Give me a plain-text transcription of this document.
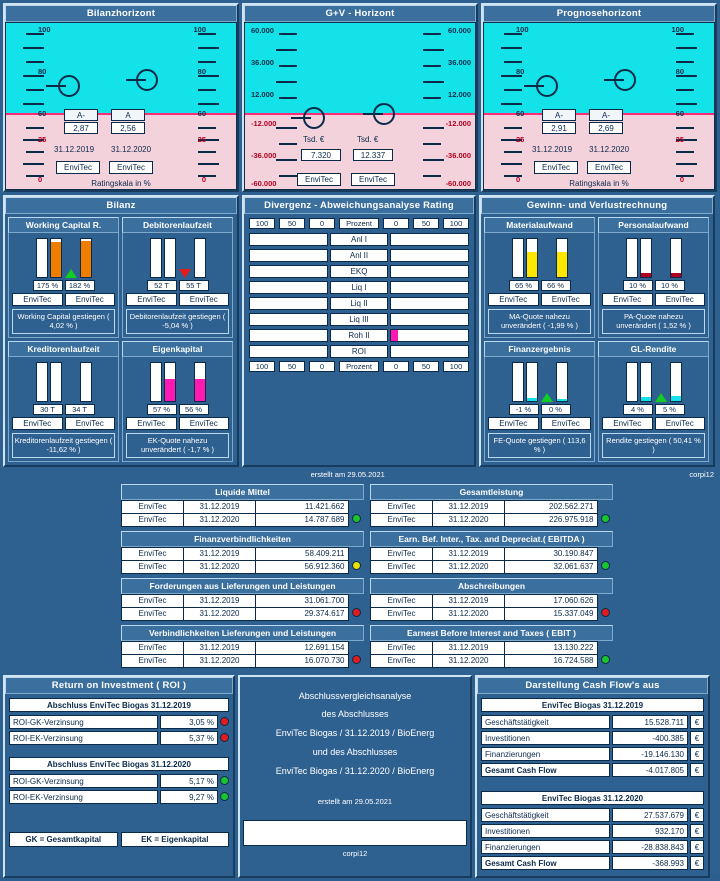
Bilanzhorizont
100
80
60
25
0
100
80
60
25
0
A-	A
2,87	2,56
31.12.2019 31.12.2020
EnviTec	EnviTec
Ratingskala in %
G+V - Horizont
60.000
36.000
12.000
-12.000
-36.000
-60.000
60.000
36.000
12.000
-12.000
-36.000
-60.000
Tsd. €	Tsd. €
7.320	12.337
EnviTec	EnviTec
Prognosehorizont
100
80
60
25
0
100
80
60
25
0
A-	A-
2,91	2,69
31.12.2019 31.12.2020
EnviTec	EnviTec
Ratingskala in %
Bilanz
Working Capital R.
175 %	182 %
EnviTec	EnviTec
Working Capital gestiegen ( 4,02 % )
Debitorenlaufzeit
52 T	55 T
EnviTec	EnviTec
Debitorenlaufzeit gestiegen ( -5,04 % )
Kreditorenlaufzeit
30 T	34 T
EnviTec	EnviTec
Kreditorenlaufzeit gestiegen ( -11,62 % )
Eigenkapital
57 %	56 %
EnviTec	EnviTec
EK-Quote nahezu unverändert ( -1,7 % )
Divergenz - Abweichungsanalyse Rating
100	50	0	Prozent	0	50	100
Anl I
Anl II
EKQ
Liq I
Liq II
Liq III
Roh II
ROI
100	50	0	Prozent	0	50	100
Gewinn- und Verlustrechnung
Materialaufwand
65 %	66 %
EnviTec	EnviTec
MA-Quote nahezu unverändert ( -1,99 % )
Personalaufwand
10 %	10 %
EnviTec	EnviTec
PA-Quote nahezu unverändert ( 1,52 % )
Finanzergebnis
-1 %	0 %
EnviTec	EnviTec
FE-Quote gestiegen ( 113,6 % )
GL-Rendite
4 %	5 %
EnviTec	EnviTec
Rendite gestiegen ( 50,41 % )
erstellt am 29.05.2021	corpi12
Liquide Mittel
EnviTec	31.12.2019	11.421.662	
EnviTec	31.12.2020	14.787.689	
Finanzverbindlichkeiten
EnviTec	31.12.2019	58.409.211	
EnviTec	31.12.2020	56.912.360	
Forderungen aus Lieferungen und Leistungen
EnviTec	31.12.2019	31.061.700	
EnviTec	31.12.2020	29.374.617	
Verbindlichkeiten Lieferungen und Leistungen
EnviTec	31.12.2019	12.691.154	
EnviTec	31.12.2020	16.070.730	
Gesamtleistung
EnviTec	31.12.2019	202.562.271	
EnviTec	31.12.2020	226.975.918	
Earn. Bef. Inter., Tax. and Depreciat.( EBITDA )
EnviTec	31.12.2019	30.190.847	
EnviTec	31.12.2020	32.061.637	
Abschreibungen
EnviTec	31.12.2019	17.060.626	
EnviTec	31.12.2020	15.337.049	
Earnest Before Interest and Taxes ( EBIT )
EnviTec	31.12.2019	13.130.222	
EnviTec	31.12.2020	16.724.588	
Return on Investment ( ROI )
Abschluss EnviTec Biogas 31.12.2019
ROI-GK-Verzinsung	3,05 %
ROI-EK-Verzinsung	5,37 %
Abschluss EnviTec Biogas 31.12.2020
ROI-GK-Verzinsung	5,17 %
ROI-EK-Verzinsung	9,27 %
GK = Gesamtkapital	EK = Eigenkapital
Abschlussvergleichsanalyse
des Abschlusses
EnviTec Biogas / 31.12.2019 / BioEnerg
und des Abschlusses
EnviTec Biogas / 31.12.2020 / BioEnerg
erstellt am 29.05.2021
corpi12
Darstellung Cash Flow's aus
EnviTec Biogas 31.12.2019
Geschäftstätigkeit	15.528.711	€
Investitionen	-400.385	€
Finanzierungen	-19.146.130	€
Gesamt Cash Flow	-4.017.805	€
EnviTec Biogas 31.12.2020
Geschäftstätigkeit	27.537.679	€
Investitionen	932.170	€
Finanzierungen	-28.838.843	€
Gesamt Cash Flow	-368.993	€
